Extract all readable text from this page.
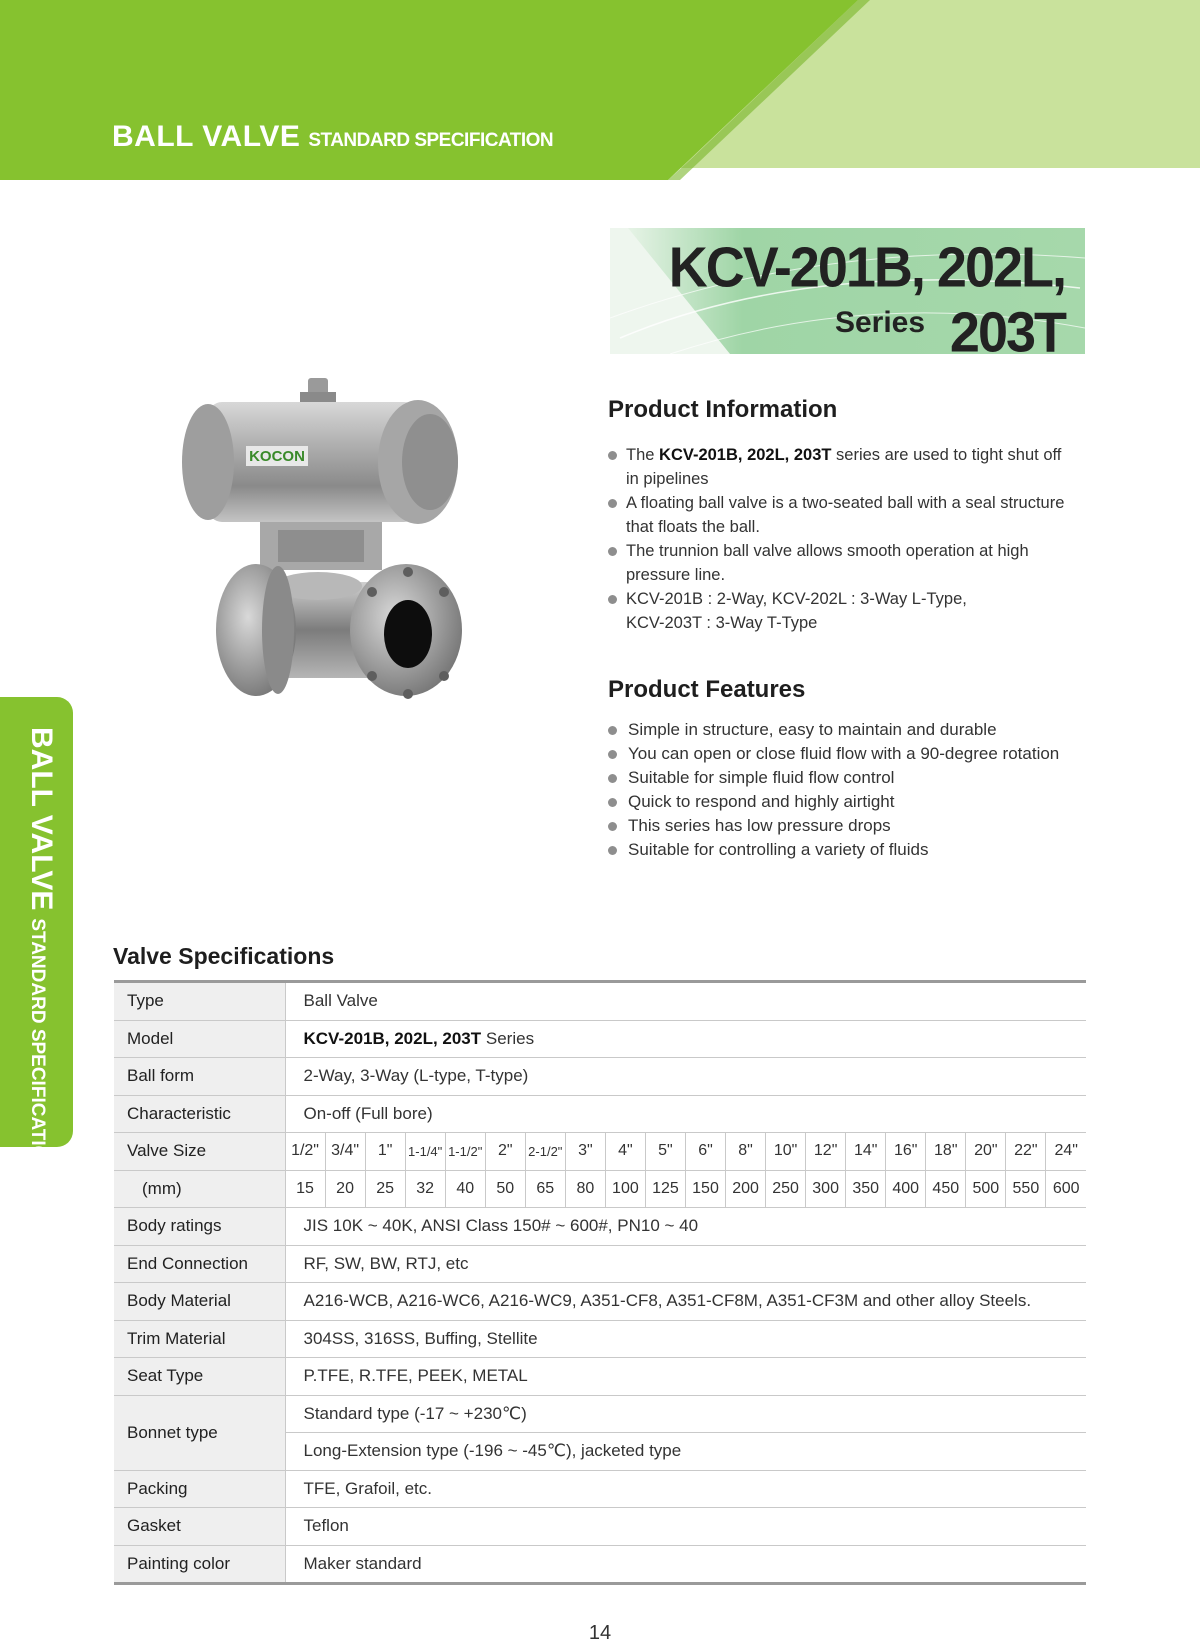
BALL VALVE STANDARD SPECIFICATION
BALL VALVESTANDARD SPECIFICATION
KCV-201B, 202L, 203T
Series
KOCON
Product Information
The KCV-201B, 202L, 203T series are used to tight shut off
in pipelines
A floating ball valve is a two-seated ball with a seal structure
that floats the ball.
The trunnion ball valve allows smooth operation at high
pressure line.
KCV-201B : 2-Way, KCV-202L : 3-Way L-Type,
KCV-203T : 3-Way T-Type
Product Features
Simple in structure, easy to maintain and durable
You can open or close fluid flow with a 90-degree rotation
Suitable for simple fluid flow control
Quick to respond and highly airtight
This series has low pressure drops
Suitable for controlling a variety of fluids
Valve Specifications
Type	Ball Valve																			
Model	KCV-201B, 202L, 203T Series																			
Ball form	2-Way, 3-Way (L-type, T-type)																			
Characteristic	On-off (Full bore)																			
Valve Size	1/2"	3/4"	1"	1-1/4"	1-1/2"	2"	2-1/2"	3"	4"	5"	6"	8"	10"	12"	14"	16"	18"	20"	22"	24"
(mm)	15	20	25	32	40	50	65	80	100	125	150	200	250	300	350	400	450	500	550	600
Body ratings	JIS 10K ~ 40K, ANSI Class 150# ~ 600#, PN10 ~ 40																			
End Connection	RF, SW, BW, RTJ, etc																			
Body Material	A216-WCB, A216-WC6, A216-WC9, A351-CF8, A351-CF8M, A351-CF3M and other alloy Steels.																			
Trim Material	304SS, 316SS, Buffing, Stellite																			
Seat Type	P.TFE, R.TFE, PEEK, METAL																			
Bonnet type	Standard type (-17 ~ +230℃)																			
	Long-Extension type (-196 ~ -45℃), jacketed type																			
Packing	TFE, Grafoil, etc.																			
Gasket	Teflon																			
Painting color	Maker standard																			
14
